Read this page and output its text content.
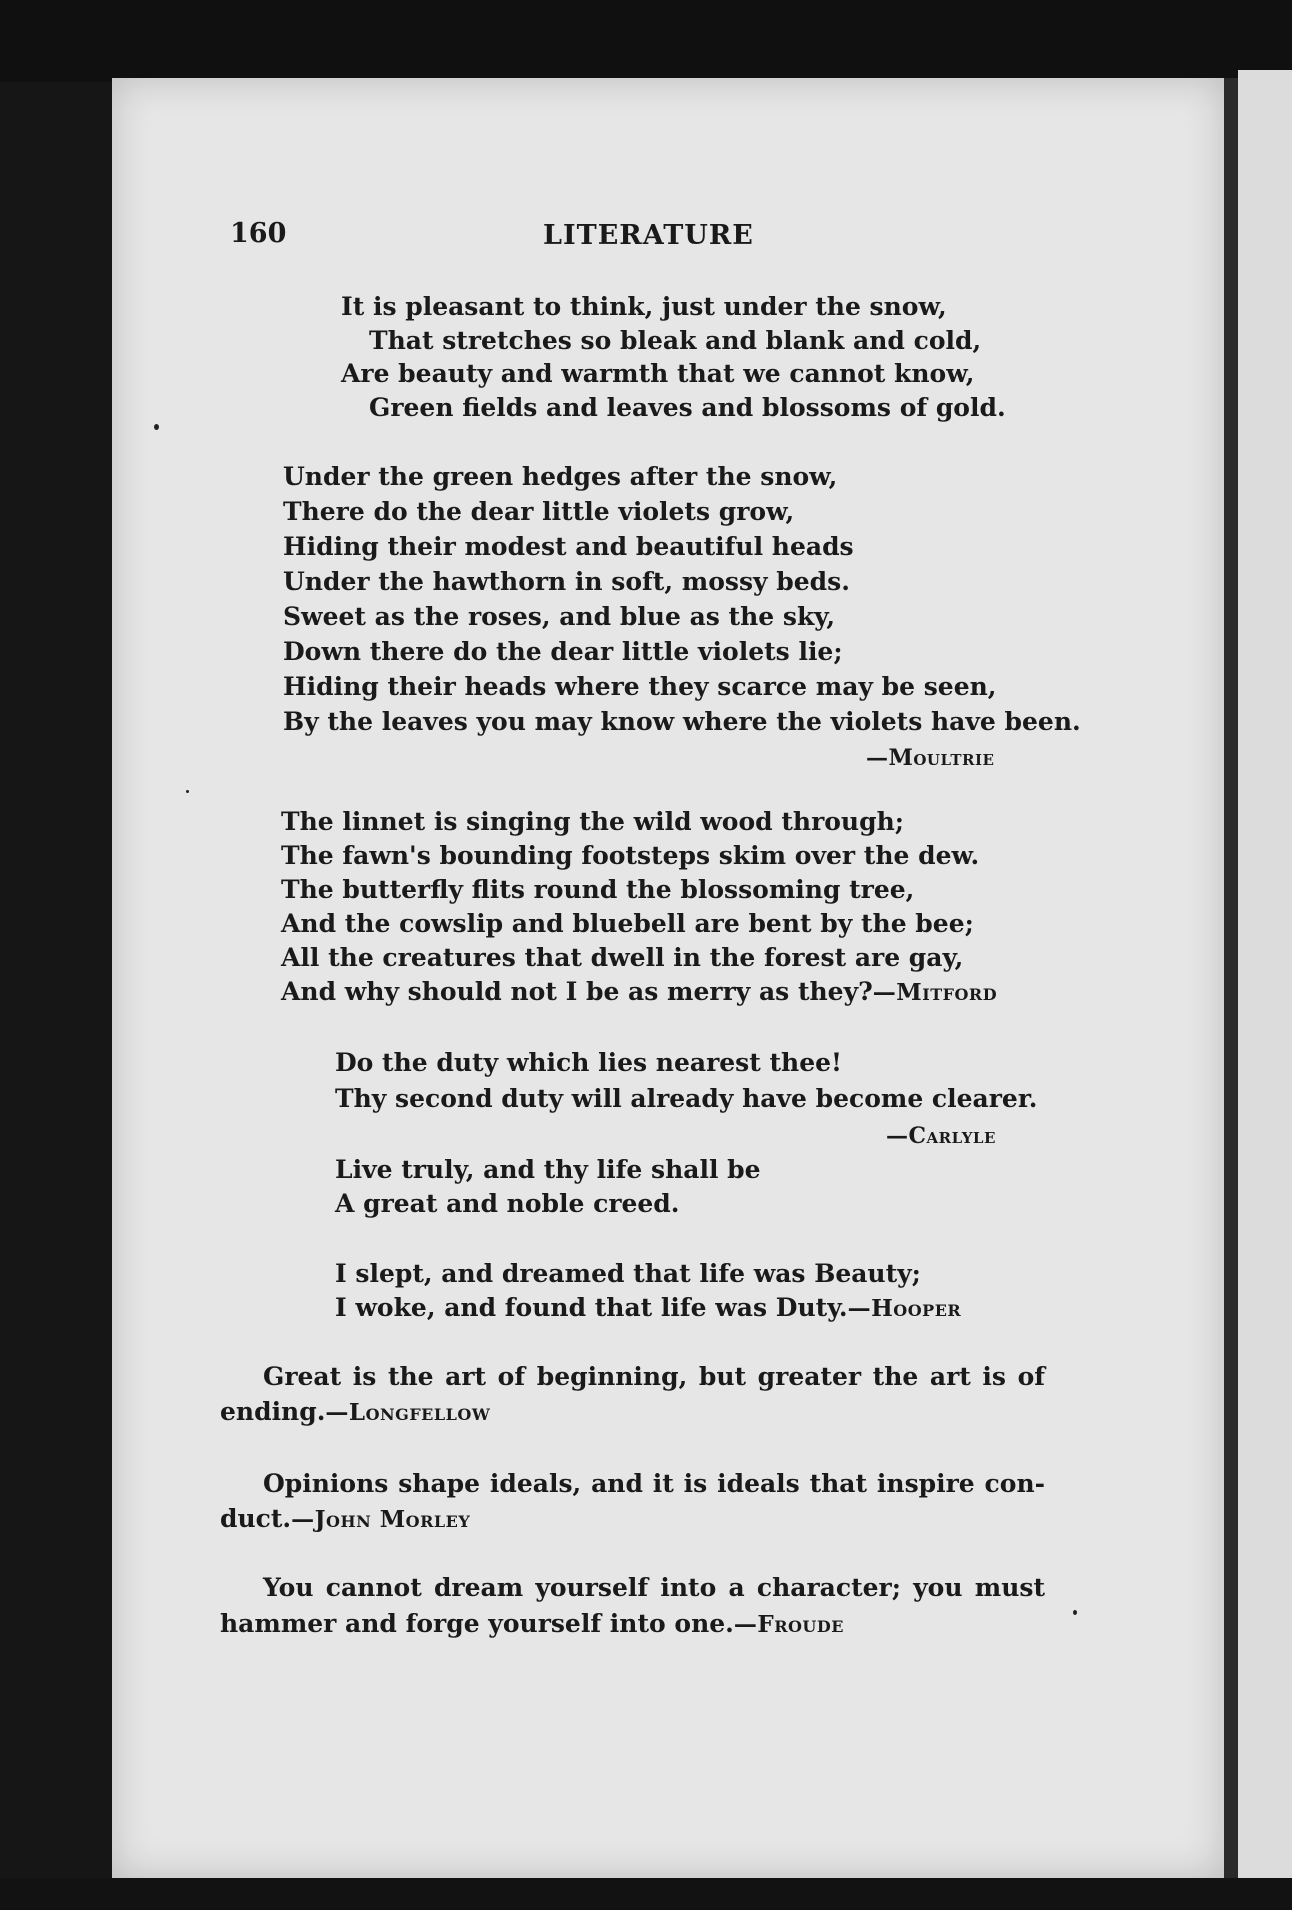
160	LITERATURE
It is pleasant to think, just under the snow,
That stretches so bleak and blank and cold,
Are beauty and warmth that we cannot know,
Green fields and leaves and blossoms of gold.
Under the green hedges after the snow,
There do the dear little violets grow,
Hiding their modest and beautiful heads
Under the hawthorn in soft, mossy beds.
Sweet as the roses, and blue as the sky,
Down there do the dear little violets lie;
Hiding their heads where they scarce may be seen,
By the leaves you may know where the violets have been.
—Moultrie
The linnet is singing the wild wood through;
The fawn's bounding footsteps skim over the dew.
The butterfly flits round the blossoming tree,
And the cowslip and bluebell are bent by the bee;
All the creatures that dwell in the forest are gay,
And why should not I be as merry as they?—Mitford
Do the duty which lies nearest thee!
Thy second duty will already have become clearer.
—Carlyle
Live truly, and thy life shall be
A great and noble creed.
I slept, and dreamed that life was Beauty;
I woke, and found that life was Duty.—Hooper
Great is the art of beginning, but greater the art is of
ending.—Longfellow
Opinions shape ideals, and it is ideals that inspire con-
duct.—John Morley
You cannot dream yourself into a character; you must
hammer and forge yourself into one.—Froude
